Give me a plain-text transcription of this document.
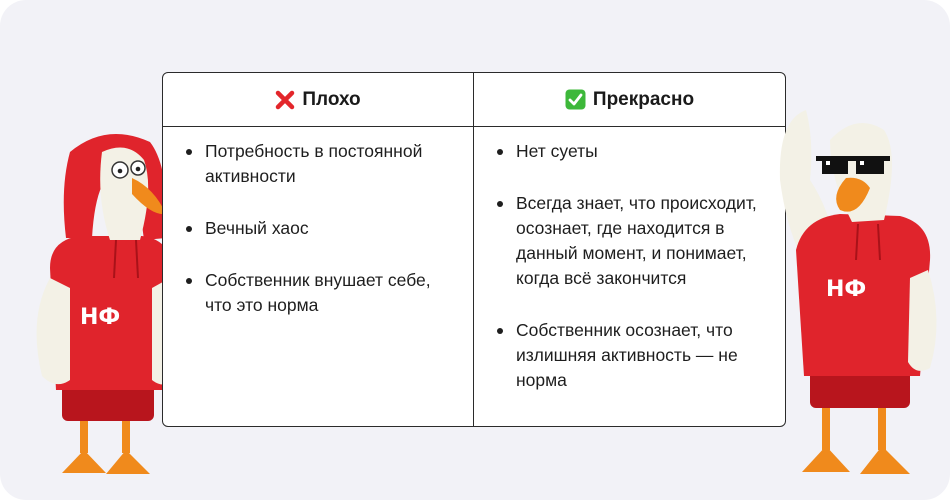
НФ
Плохо	Прекрасно
Потребность в постоянной активности
Вечный хаос
Собственник внушает себе, что это норма
Нет суеты
Всегда знает, что происходит, осознает, где находится в данный момент, и понимает, когда всё закончится
Собственник осознает, что излишняя активность — не норма
НФ
